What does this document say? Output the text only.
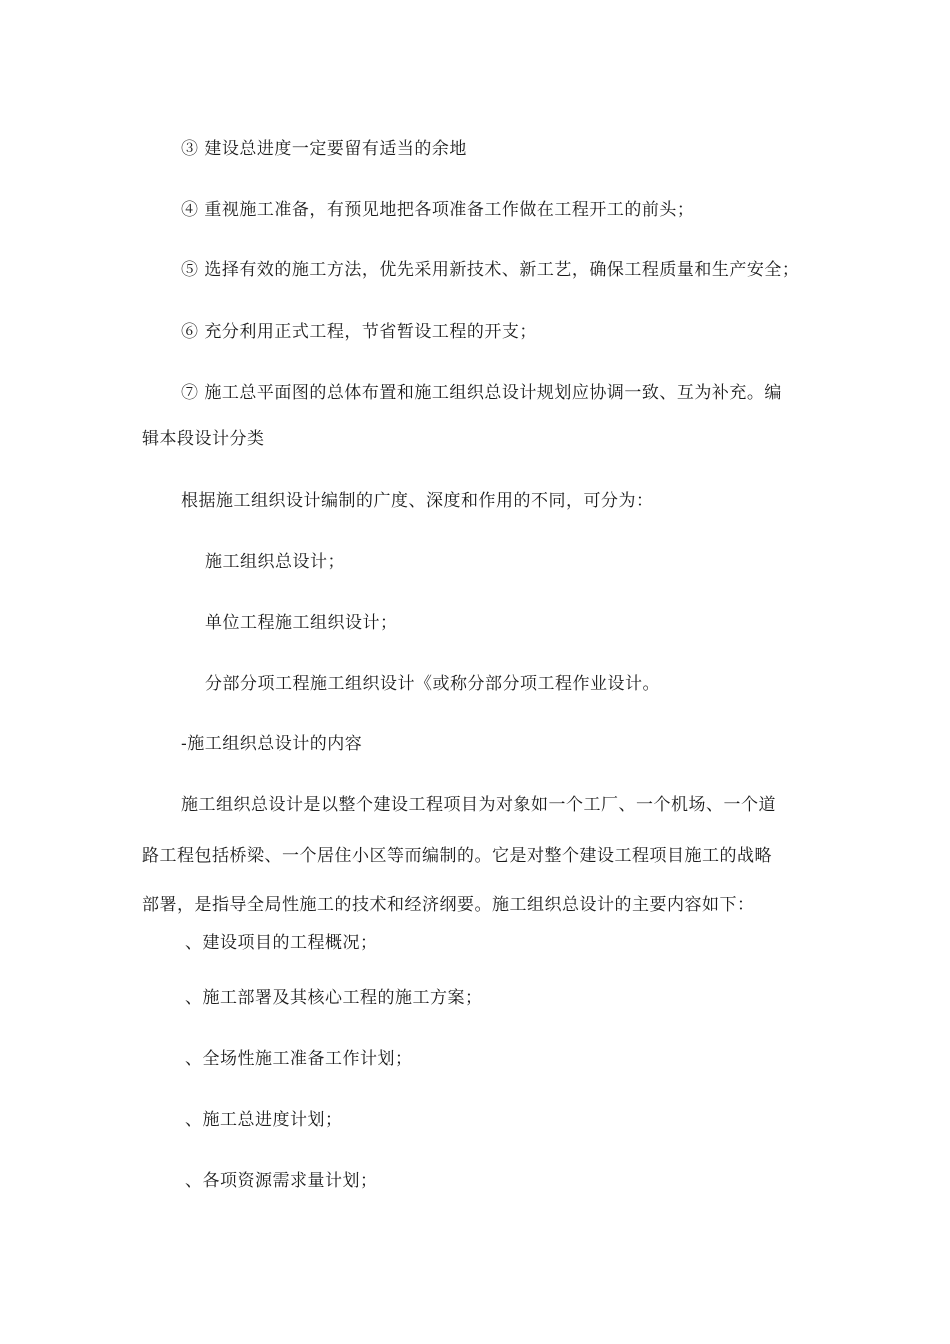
③ 建设总进度一定要留有适当的余地
④ 重视施工准备，有预见地把各项准备工作做在工程开工的前头；
⑤ 选择有效的施工方法，优先采用新技术、新工艺，确保工程质量和生产安全；
⑥ 充分利用正式工程，节省暂设工程的开支；
⑦ 施工总平面图的总体布置和施工组织总设计规划应协调一致、互为补充。编
辑本段设计分类
根据施工组织设计编制的广度、深度和作用的不同，可分为：
施工组织总设计；
单位工程施工组织设计；
分部分项工程施工组织设计《或称分部分项工程作业设计。
-施工组织总设计的内容
施工组织总设计是以整个建设工程项目为对象如一个工厂、一个机场、一个道
路工程包括桥梁、一个居住小区等而编制的。它是对整个建设工程项目施工的战略
部署，是指导全局性施工的技术和经济纲要。施工组织总设计的主要内容如下：
、建设项目的工程概况；
、施工部署及其核心工程的施工方案；
、全场性施工准备工作计划；
、施工总进度计划；
、各项资源需求量计划；
